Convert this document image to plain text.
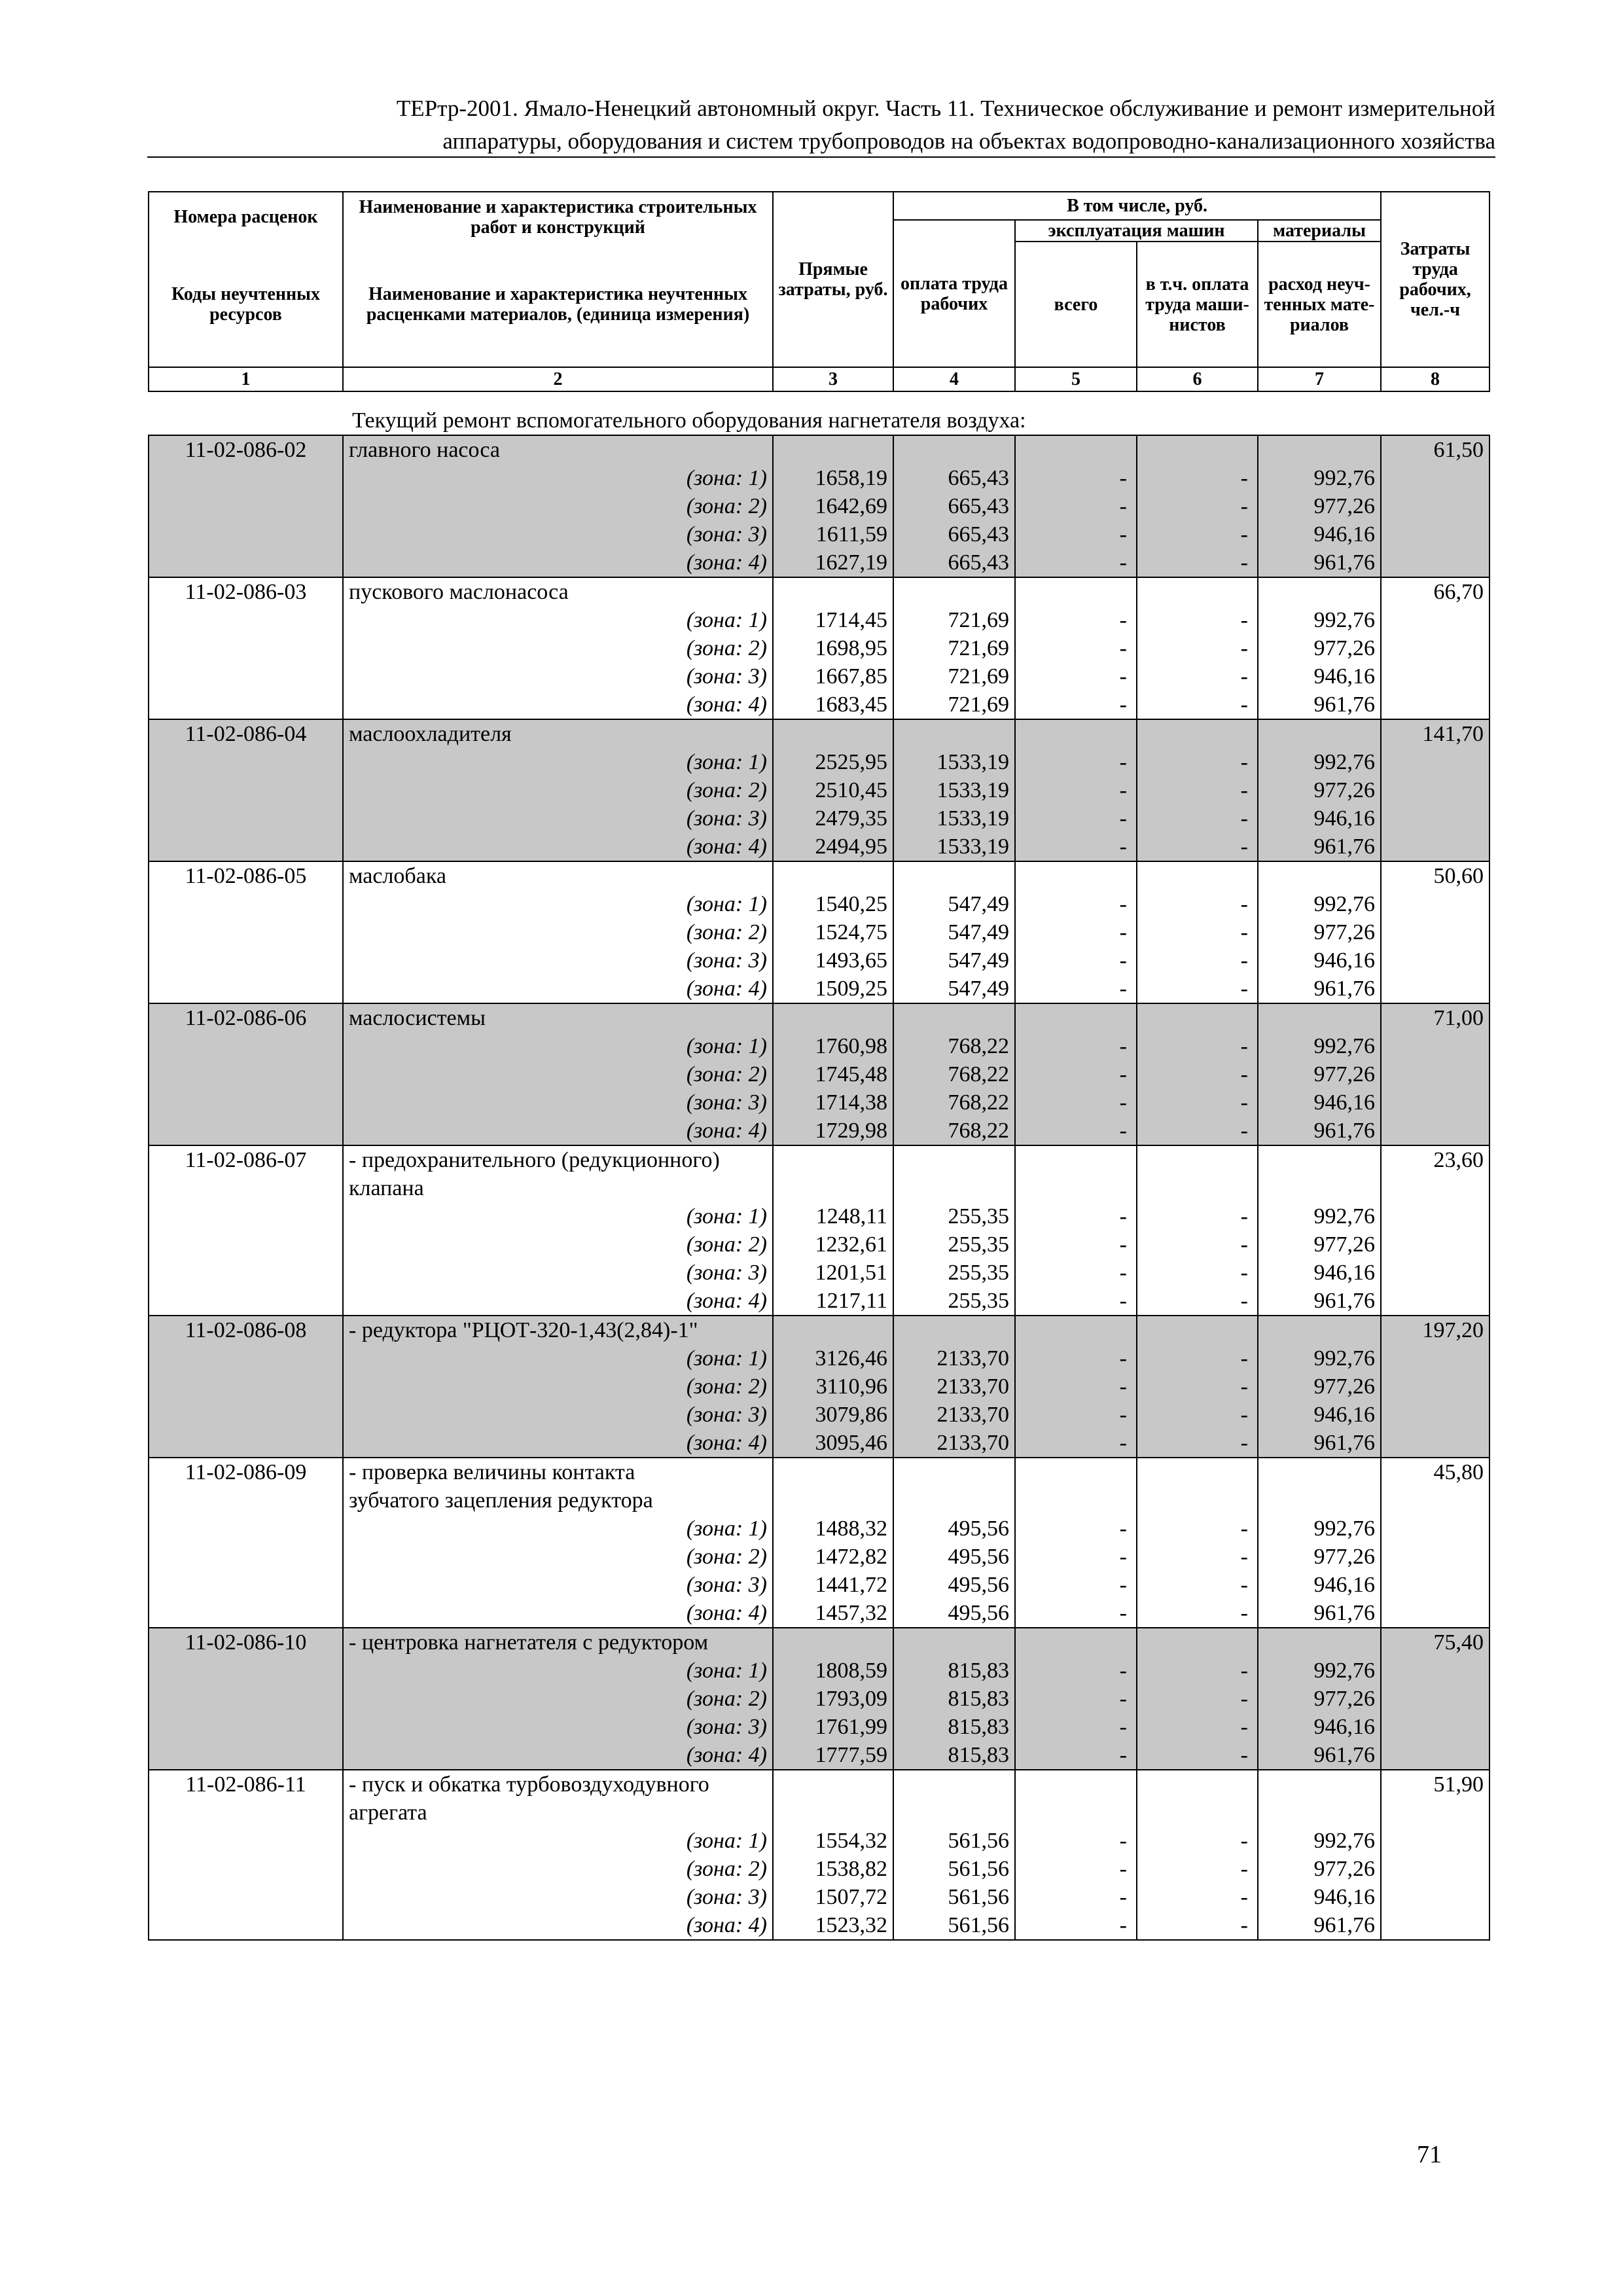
ТЕРтр-2001. Ямало-Ненецкий автономный округ. Часть 11. Техническое обслуживание и ремонт измерительной
аппаратуры, оборудования и систем трубопроводов на объектах водопроводно-канализационного хозяйства
Номера расценок	Наименование и характеристика строительных работ и конструкций	Прямые затраты, руб.	В том числе, руб.				Затраты труда рабочих, чел.-ч
			оплата труда рабочих	эксплуатация машин		материалы	
Коды неучтенных ресурсов	Наименование и характеристика неучтенных расценками материалов, (единица измерения)			всего	в т.ч. оплата труда маши-нистов	расход неуч-тенных мате-риалов	
1	2	3	4	5	6	7	8
Текущий ремонт вспомогательного оборудования нагнетателя воздуха:
11-02-086-02	главного насоса						61,50
	(зона: 1)	1658,19	665,43	-	-	992,76	
	(зона: 2)	1642,69	665,43	-	-	977,26	
	(зона: 3)	1611,59	665,43	-	-	946,16	
	(зона: 4)	1627,19	665,43	-	-	961,76	
11-02-086-03	пускового маслонасоса						66,70
	(зона: 1)	1714,45	721,69	-	-	992,76	
	(зона: 2)	1698,95	721,69	-	-	977,26	
	(зона: 3)	1667,85	721,69	-	-	946,16	
	(зона: 4)	1683,45	721,69	-	-	961,76	
11-02-086-04	маслоохладителя						141,70
	(зона: 1)	2525,95	1533,19	-	-	992,76	
	(зона: 2)	2510,45	1533,19	-	-	977,26	
	(зона: 3)	2479,35	1533,19	-	-	946,16	
	(зона: 4)	2494,95	1533,19	-	-	961,76	
11-02-086-05	маслобака						50,60
	(зона: 1)	1540,25	547,49	-	-	992,76	
	(зона: 2)	1524,75	547,49	-	-	977,26	
	(зона: 3)	1493,65	547,49	-	-	946,16	
	(зона: 4)	1509,25	547,49	-	-	961,76	
11-02-086-06	маслосистемы						71,00
	(зона: 1)	1760,98	768,22	-	-	992,76	
	(зона: 2)	1745,48	768,22	-	-	977,26	
	(зона: 3)	1714,38	768,22	-	-	946,16	
	(зона: 4)	1729,98	768,22	-	-	961,76	
11-02-086-07	- предохранительного (редукционного)						23,60
	клапана						
	(зона: 1)	1248,11	255,35	-	-	992,76	
	(зона: 2)	1232,61	255,35	-	-	977,26	
	(зона: 3)	1201,51	255,35	-	-	946,16	
	(зона: 4)	1217,11	255,35	-	-	961,76	
11-02-086-08	- редуктора "РЦОТ-320-1,43(2,84)-1"						197,20
	(зона: 1)	3126,46	2133,70	-	-	992,76	
	(зона: 2)	3110,96	2133,70	-	-	977,26	
	(зона: 3)	3079,86	2133,70	-	-	946,16	
	(зона: 4)	3095,46	2133,70	-	-	961,76	
11-02-086-09	- проверка величины контакта						45,80
	зубчатого зацепления редуктора						
	(зона: 1)	1488,32	495,56	-	-	992,76	
	(зона: 2)	1472,82	495,56	-	-	977,26	
	(зона: 3)	1441,72	495,56	-	-	946,16	
	(зона: 4)	1457,32	495,56	-	-	961,76	
11-02-086-10	- центровка нагнетателя с редуктором						75,40
	(зона: 1)	1808,59	815,83	-	-	992,76	
	(зона: 2)	1793,09	815,83	-	-	977,26	
	(зона: 3)	1761,99	815,83	-	-	946,16	
	(зона: 4)	1777,59	815,83	-	-	961,76	
11-02-086-11	- пуск и обкатка турбовоздуходувного						51,90
	агрегата						
	(зона: 1)	1554,32	561,56	-	-	992,76	
	(зона: 2)	1538,82	561,56	-	-	977,26	
	(зона: 3)	1507,72	561,56	-	-	946,16	
	(зона: 4)	1523,32	561,56	-	-	961,76	
71
